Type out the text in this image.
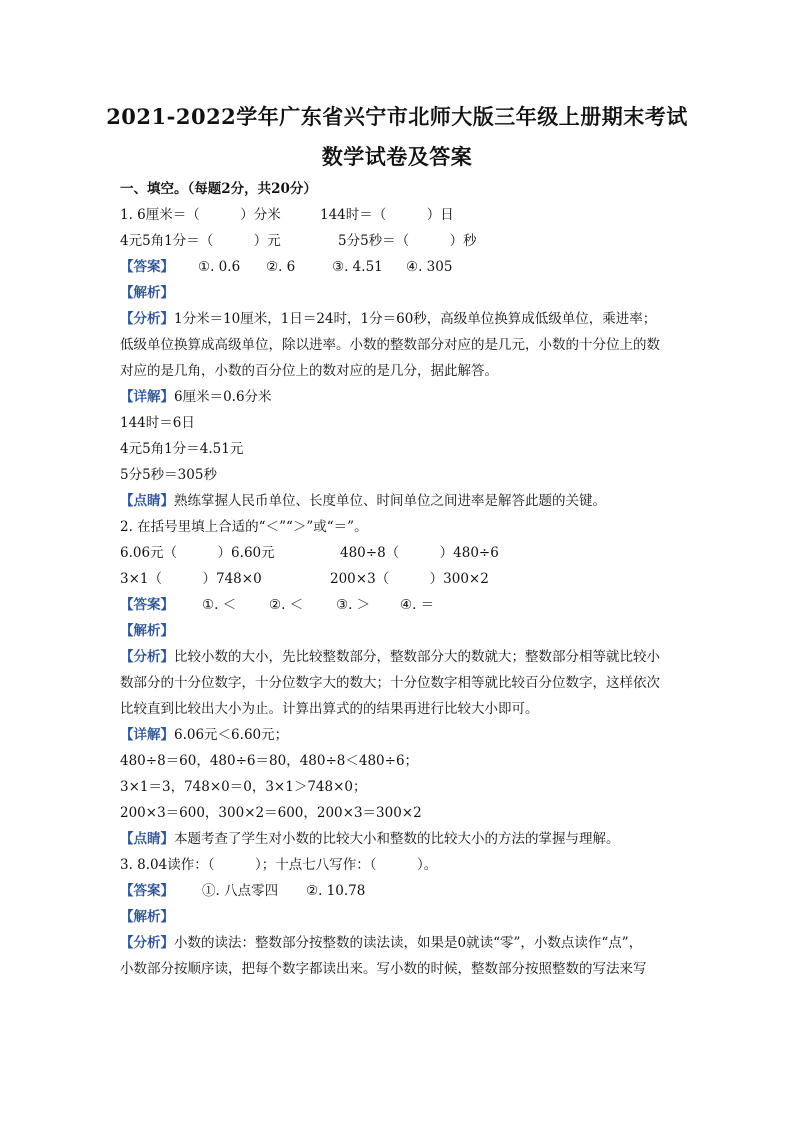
2021-2022学年广东省兴宁市北师大版三年级上册期末考试
数学试卷及答案
一、填空。（每题2分，共20分）
1. 6厘米＝（　　　）分米	144时＝（　　　）日
4元5角1分＝（　　　）元	5分5秒＝（　　　）秒
【答案】 ①. 0.6 ②. 6	③. 4.51 ④. 305
【解析】
【分析】1分米＝10厘米，1日＝24时，1分＝60秒，高级单位换算成低级单位，乘进率；
低级单位换算成高级单位，除以进率。小数的整数部分对应的是几元，小数的十分位上的数
对应的是几角，小数的百分位上的数对应的是几分，据此解答。
【详解】6厘米＝0.6分米
144时＝6日
4元5角1分＝4.51元
5分5秒＝305秒
【点睛】熟练掌握人民币单位、长度单位、时间单位之间进率是解答此题的关键。
2. 在括号里填上合适的“＜”“＞”或“＝”。
6.06元（　　　）6.60元	480÷8（　　　）480÷6
3×1（　　　）748×0	200×3（　　　）300×2
【答案】 ①. ＜ ②. ＜ ③. ＞ ④. ＝
【解析】
【分析】比较小数的大小，先比较整数部分，整数部分大的数就大；整数部分相等就比较小
数部分的十分位数字，十分位数字大的数大；十分位数字相等就比较百分位数字，这样依次
比较直到比较出大小为止。计算出算式的的结果再进行比较大小即可。
【详解】6.06元＜6.60元；
480÷8＝60，480÷6＝80，480÷8＜480÷6；
3×1＝3，748×0＝0，3×1＞748×0；
200×3＝600，300×2＝600，200×3＝300×2
【点睛】本题考查了学生对小数的比较大小和整数的比较大小的方法的掌握与理解。
3. 8.04读作：（　　　）；十点七八写作：（　　　）。
【答案】 ①. 八点零四 ②. 10.78
【解析】
【分析】小数的读法：整数部分按整数的读法读，如果是0就读“零”，小数点读作“点”，
小数部分按顺序读，把每个数字都读出来。写小数的时候，整数部分按照整数的写法来写
